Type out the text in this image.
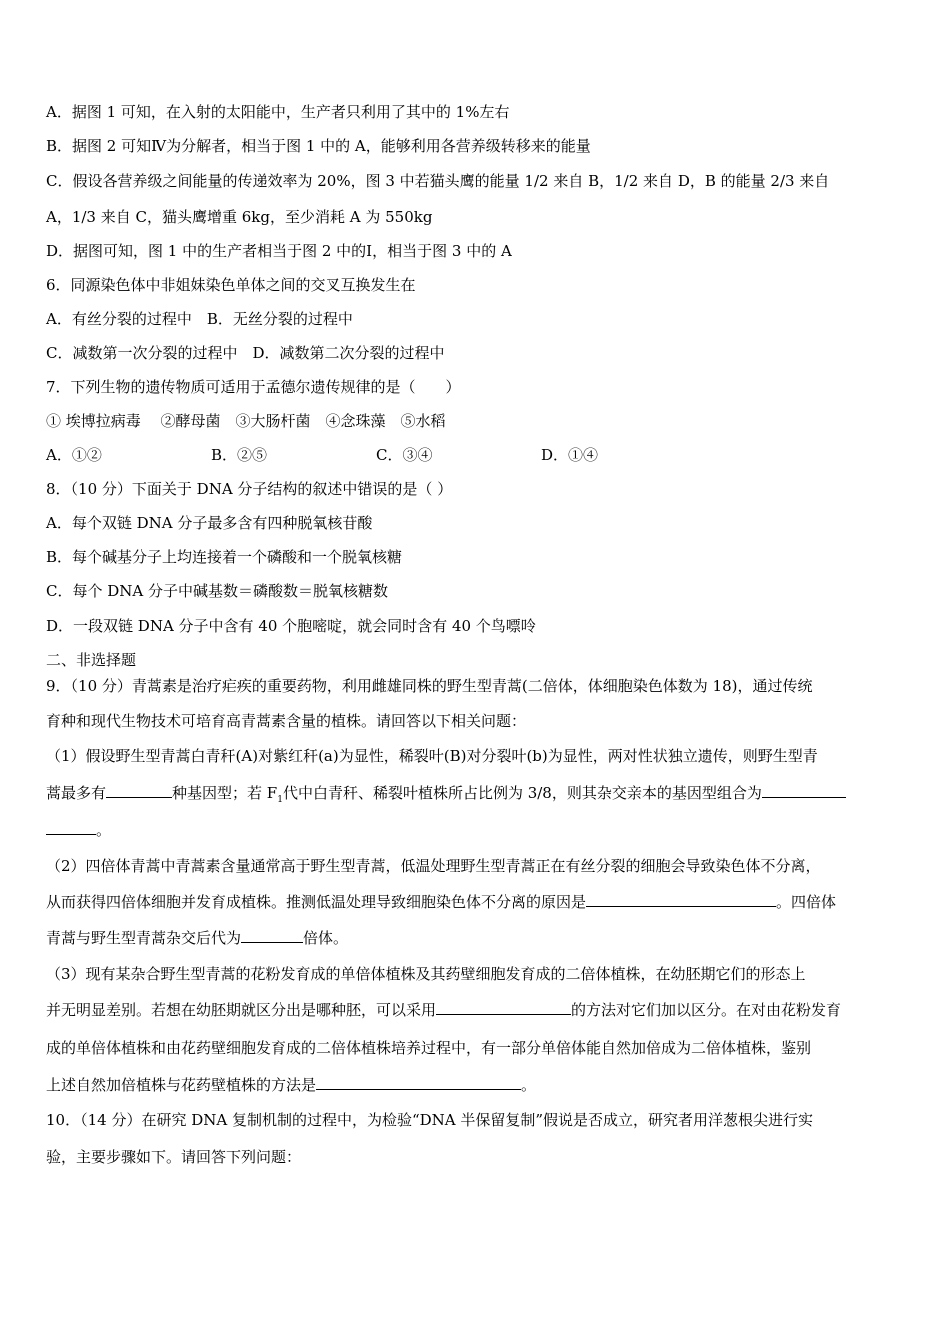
A．据图 1 可知，在入射的太阳能中，生产者只利用了其中的 1%左右
B．据图 2 可知Ⅳ为分解者，相当于图 1 中的 A，能够利用各营养级转移来的能量
C．假设各营养级之间能量的传递效率为 20%，图 3 中若猫头鹰的能量 1/2 来自 B，1/2 来自 D，B 的能量 2/3 来自
A，1/3 来自 C，猫头鹰增重 6kg，至少消耗 A 为 550kg
D．据图可知，图 1 中的生产者相当于图 2 中的Ⅰ，相当于图 3 中的 A
6．同源染色体中非姐妹染色单体之间的交叉互换发生在
A．有丝分裂的过程中　B．无丝分裂的过程中
C．减数第一次分裂的过程中　D．减数第二次分裂的过程中
7．下列生物的遗传物质可适用于孟德尔遗传规律的是（　　）
① 埃博拉病毒　 ②酵母菌　③大肠杆菌　④念珠藻　⑤水稻
A．①②	B．②⑤	C．③④	D．①④
8．（10 分）下面关于 DNA 分子结构的叙述中错误的是（ ）
A．每个双链 DNA 分子最多含有四种脱氧核苷酸
B．每个碱基分子上均连接着一个磷酸和一个脱氧核糖
C．每个 DNA 分子中碱基数＝磷酸数＝脱氧核糖数
D．一段双链 DNA 分子中含有 40 个胞嘧啶，就会同时含有 40 个鸟嘌呤
二、非选择题
9．（10 分）青蒿素是治疗疟疾的重要药物，利用雌雄同株的野生型青蒿(二倍体，体细胞染色体数为 18)，通过传统
育种和现代生物技术可培育高青蒿素含量的植株。请回答以下相关问题：
（1）假设野生型青蒿白青秆(A)对紫红秆(a)为显性，稀裂叶(B)对分裂叶(b)为显性，两对性状独立遗传，则野生型青
蒿最多有	种基因型；若 $F_1$代中白青秆、稀裂叶植株所占比例为 3/8，则其杂交亲本的基因型组合为
。
（2）四倍体青蒿中青蒿素含量通常高于野生型青蒿，低温处理野生型青蒿正在有丝分裂的细胞会导致染色体不分离，
从而获得四倍体细胞并发育成植株。推测低温处理导致细胞染色体不分离的原因是	。四倍体
青蒿与野生型青蒿杂交后代为	倍体。
（3）现有某杂合野生型青蒿的花粉发育成的单倍体植株及其药壁细胞发育成的二倍体植株，在幼胚期它们的形态上
并无明显差别。若想在幼胚期就区分出是哪种胚，可以采用	的方法对它们加以区分。在对由花粉发育
成的单倍体植株和由花药壁细胞发育成的二倍体植株培养过程中，有一部分单倍体能自然加倍成为二倍体植株，鉴别
上述自然加倍植株与花药壁植株的方法是	。
10．（14 分）在研究 DNA 复制机制的过程中，为检验“DNA 半保留复制”假说是否成立，研究者用洋葱根尖进行实
验，主要步骤如下。请回答下列问题：
